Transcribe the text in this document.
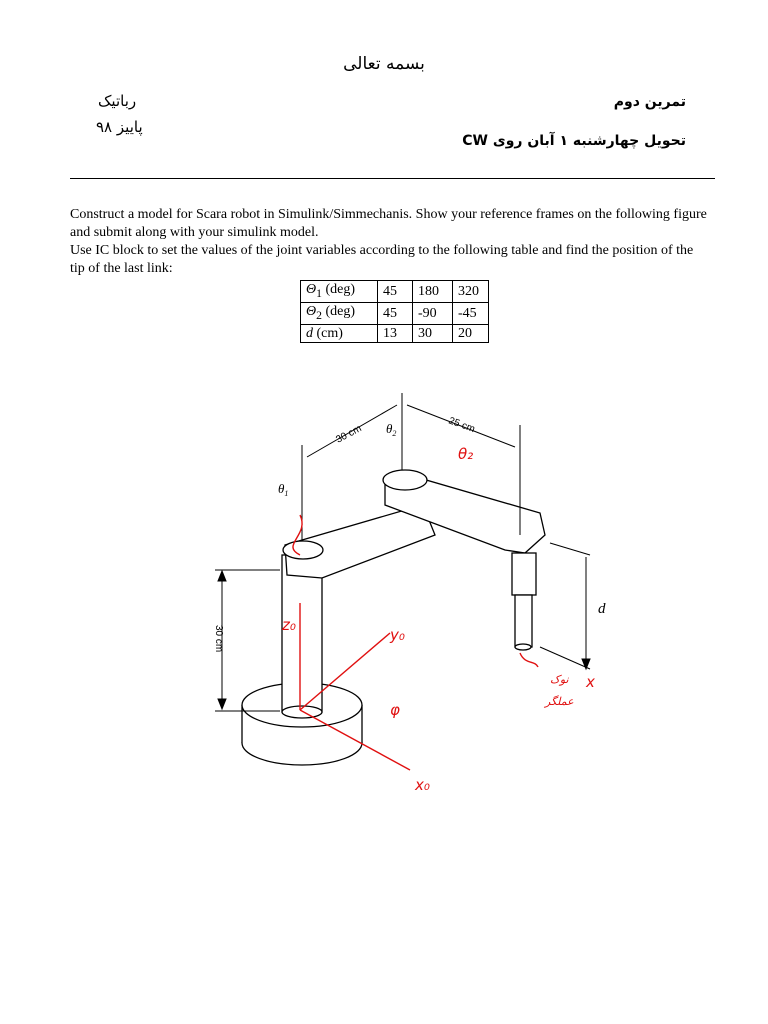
بسمه تعالی
رباتیک
پاییز ۹۸
تمرین دوم
تحویل چهارشنبه ۱ آبان روی CW

Construct a model for Scara robot in Simulink/Simmechanis. Show your reference frames on the following figure and submit along with your simulink model.

Use IC block to set the values of the joint variables according to the following table and find the position of the tip of the last link:

$\Theta_1$ (deg)	45	180	320
$\Theta_2$ (deg)	45	-90	-45
d (cm)	13	30	20
30 cm	25 cm
30 cm
$\theta_1$
$\theta_2$
d
z₀
y₀
x₀
φ
θ₂
نوک
عملگر
x
